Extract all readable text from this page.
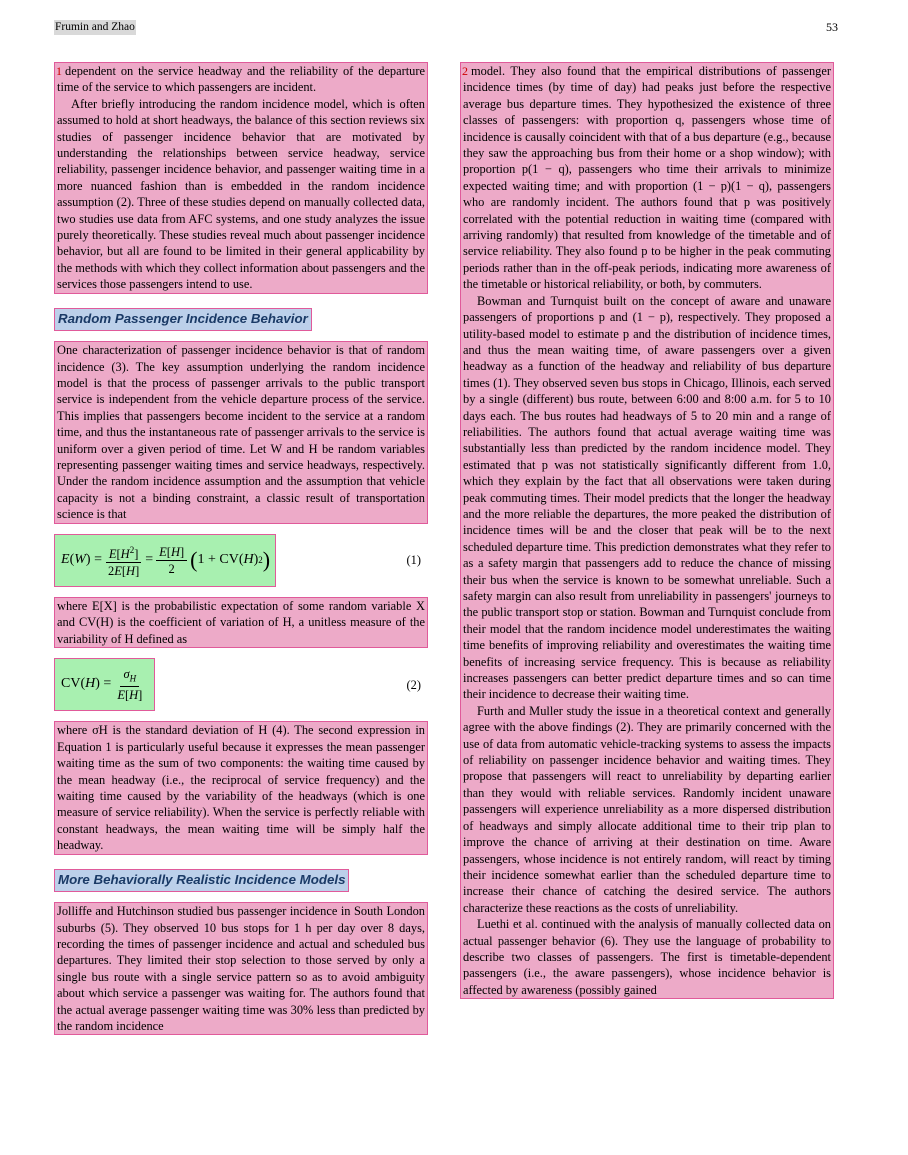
Frumin and Zhao	53
1 dependent on the service headway and the reliability of the departure time of the service to which passengers are incident.

After briefly introducing the random incidence model, which is often assumed to hold at short headways, the balance of this section reviews six studies of passenger incidence behavior that are motivated by understanding the relationships between service headway, service reliability, passenger incidence behavior, and passenger waiting time in a more nuanced fashion than is embedded in the random incidence assumption (2). Three of these studies depend on manually collected data, two studies use data from AFC systems, and one study analyzes the issue purely theoretically. These studies reveal much about passenger incidence behavior, but all are found to be limited in their general applicability by the methods with which they collect information about passengers and the services those passengers intend to use.

Random Passenger Incidence Behavior

One characterization of passenger incidence behavior is that of random incidence (3). The key assumption underlying the random incidence model is that the process of passenger arrivals to the public transport service is independent from the vehicle departure process of the service. This implies that passengers become incident to the service at a random time, and thus the instantaneous rate of passenger arrivals to the service is uniform over a given period of time. Let W and H be random variables representing passenger waiting times and service headways, respectively. Under the random incidence assumption and the assumption that vehicle capacity is not a binding constraint, a classic result of transportation science is that

E ( W ) = $\frac{E[H^2]}{2E[H]} = \frac{E[H]}{2}$ ( 1 + CV( H ) 2 )	(1)

where E[X] is the probabilistic expectation of some random variable X and CV(H) is the coefficient of variation of H, a unitless measure of the variability of H defined as

CV( H ) = $\frac{\sigma_H}{E[H]}$	(2)

where σH is the standard deviation of H (4). The second expression in Equation 1 is particularly useful because it expresses the mean passenger waiting time as the sum of two components: the waiting time caused by the mean headway (i.e., the reciprocal of service frequency) and the waiting time caused by the variability of the headways (which is one measure of service reliability). When the service is perfectly reliable with constant headways, the mean waiting time will be simply half the headway.

More Behaviorally Realistic Incidence Models

Jolliffe and Hutchinson studied bus passenger incidence in South London suburbs (5). They observed 10 bus stops for 1 h per day over 8 days, recording the times of passenger incidence and actual and scheduled bus departures. They limited their stop selection to those served by only a single bus route with a single service pattern so as to avoid ambiguity about which service a passenger was waiting for. The authors found that the actual average passenger waiting time was 30% less than predicted by the random incidence

2 model. They also found that the empirical distributions of passenger incidence times (by time of day) had peaks just before the respective average bus departure times. They hypothesized the existence of three classes of passengers: with proportion q, passengers whose time of incidence is causally coincident with that of a bus departure (e.g., because they saw the approaching bus from their home or a shop window); with proportion p(1 − q), passengers who time their arrivals to minimize expected waiting time; and with proportion (1 − p)(1 − q), passengers who are randomly incident. The authors found that p was positively correlated with the potential reduction in waiting time (compared with arriving randomly) that resulted from knowledge of the timetable and of service reliability. They also found p to be higher in the peak commuting periods rather than in the off-peak periods, indicating more awareness of the timetable or historical reliability, or both, by commuters.

Bowman and Turnquist built on the concept of aware and unaware passengers of proportions p and (1 − p), respectively. They proposed a utility-based model to estimate p and the distribution of incidence times, and thus the mean waiting time, of aware passengers over a given headway as a function of the headway and reliability of bus departure times (1). They observed seven bus stops in Chicago, Illinois, each served by a single (different) bus route, between 6:00 and 8:00 a.m. for 5 to 10 days each. The bus routes had headways of 5 to 20 min and a range of reliabilities. The authors found that actual average waiting time was substantially less than predicted by the random incidence model. They estimated that p was not statistically significantly different from 1.0, which they explain by the fact that all observations were taken during peak commuting times. Their model predicts that the longer the headway and the more reliable the departures, the more peaked the distribution of incidence times will be and the closer that peak will be to the next scheduled departure time. This prediction demonstrates what they refer to as a safety margin that passengers add to reduce the chance of missing their bus when the service is known to be somewhat unreliable. Such a safety margin can also result from unreliability in passengers' journeys to the public transport stop or station. Bowman and Turnquist conclude from their model that the random incidence model underestimates the waiting time benefits of improving reliability and overestimates the waiting time benefits of increasing service frequency. This is because as reliability increases passengers can better predict departure times and so can time their incidence to decrease their waiting time.

Furth and Muller study the issue in a theoretical context and generally agree with the above findings (2). They are primarily concerned with the use of data from automatic vehicle-tracking systems to assess the impacts of reliability on passenger incidence behavior and waiting times. They propose that passengers will react to unreliability by departing earlier than they would with reliable services. Randomly incident unaware passengers will experience unreliability as a more dispersed distribution of headways and simply allocate additional time to their trip plan to improve the chance of arriving at their destination on time. Aware passengers, whose incidence is not entirely random, will react by timing their incidence somewhat earlier than the scheduled departure time to increase their chance of catching the desired service. The authors characterize these reactions as the costs of unreliability.

Luethi et al. continued with the analysis of manually collected data on actual passenger behavior (6). They use the language of probability to describe two classes of passengers. The first is timetable-dependent passengers (i.e., the aware passengers), whose incidence behavior is affected by awareness (possibly gained
